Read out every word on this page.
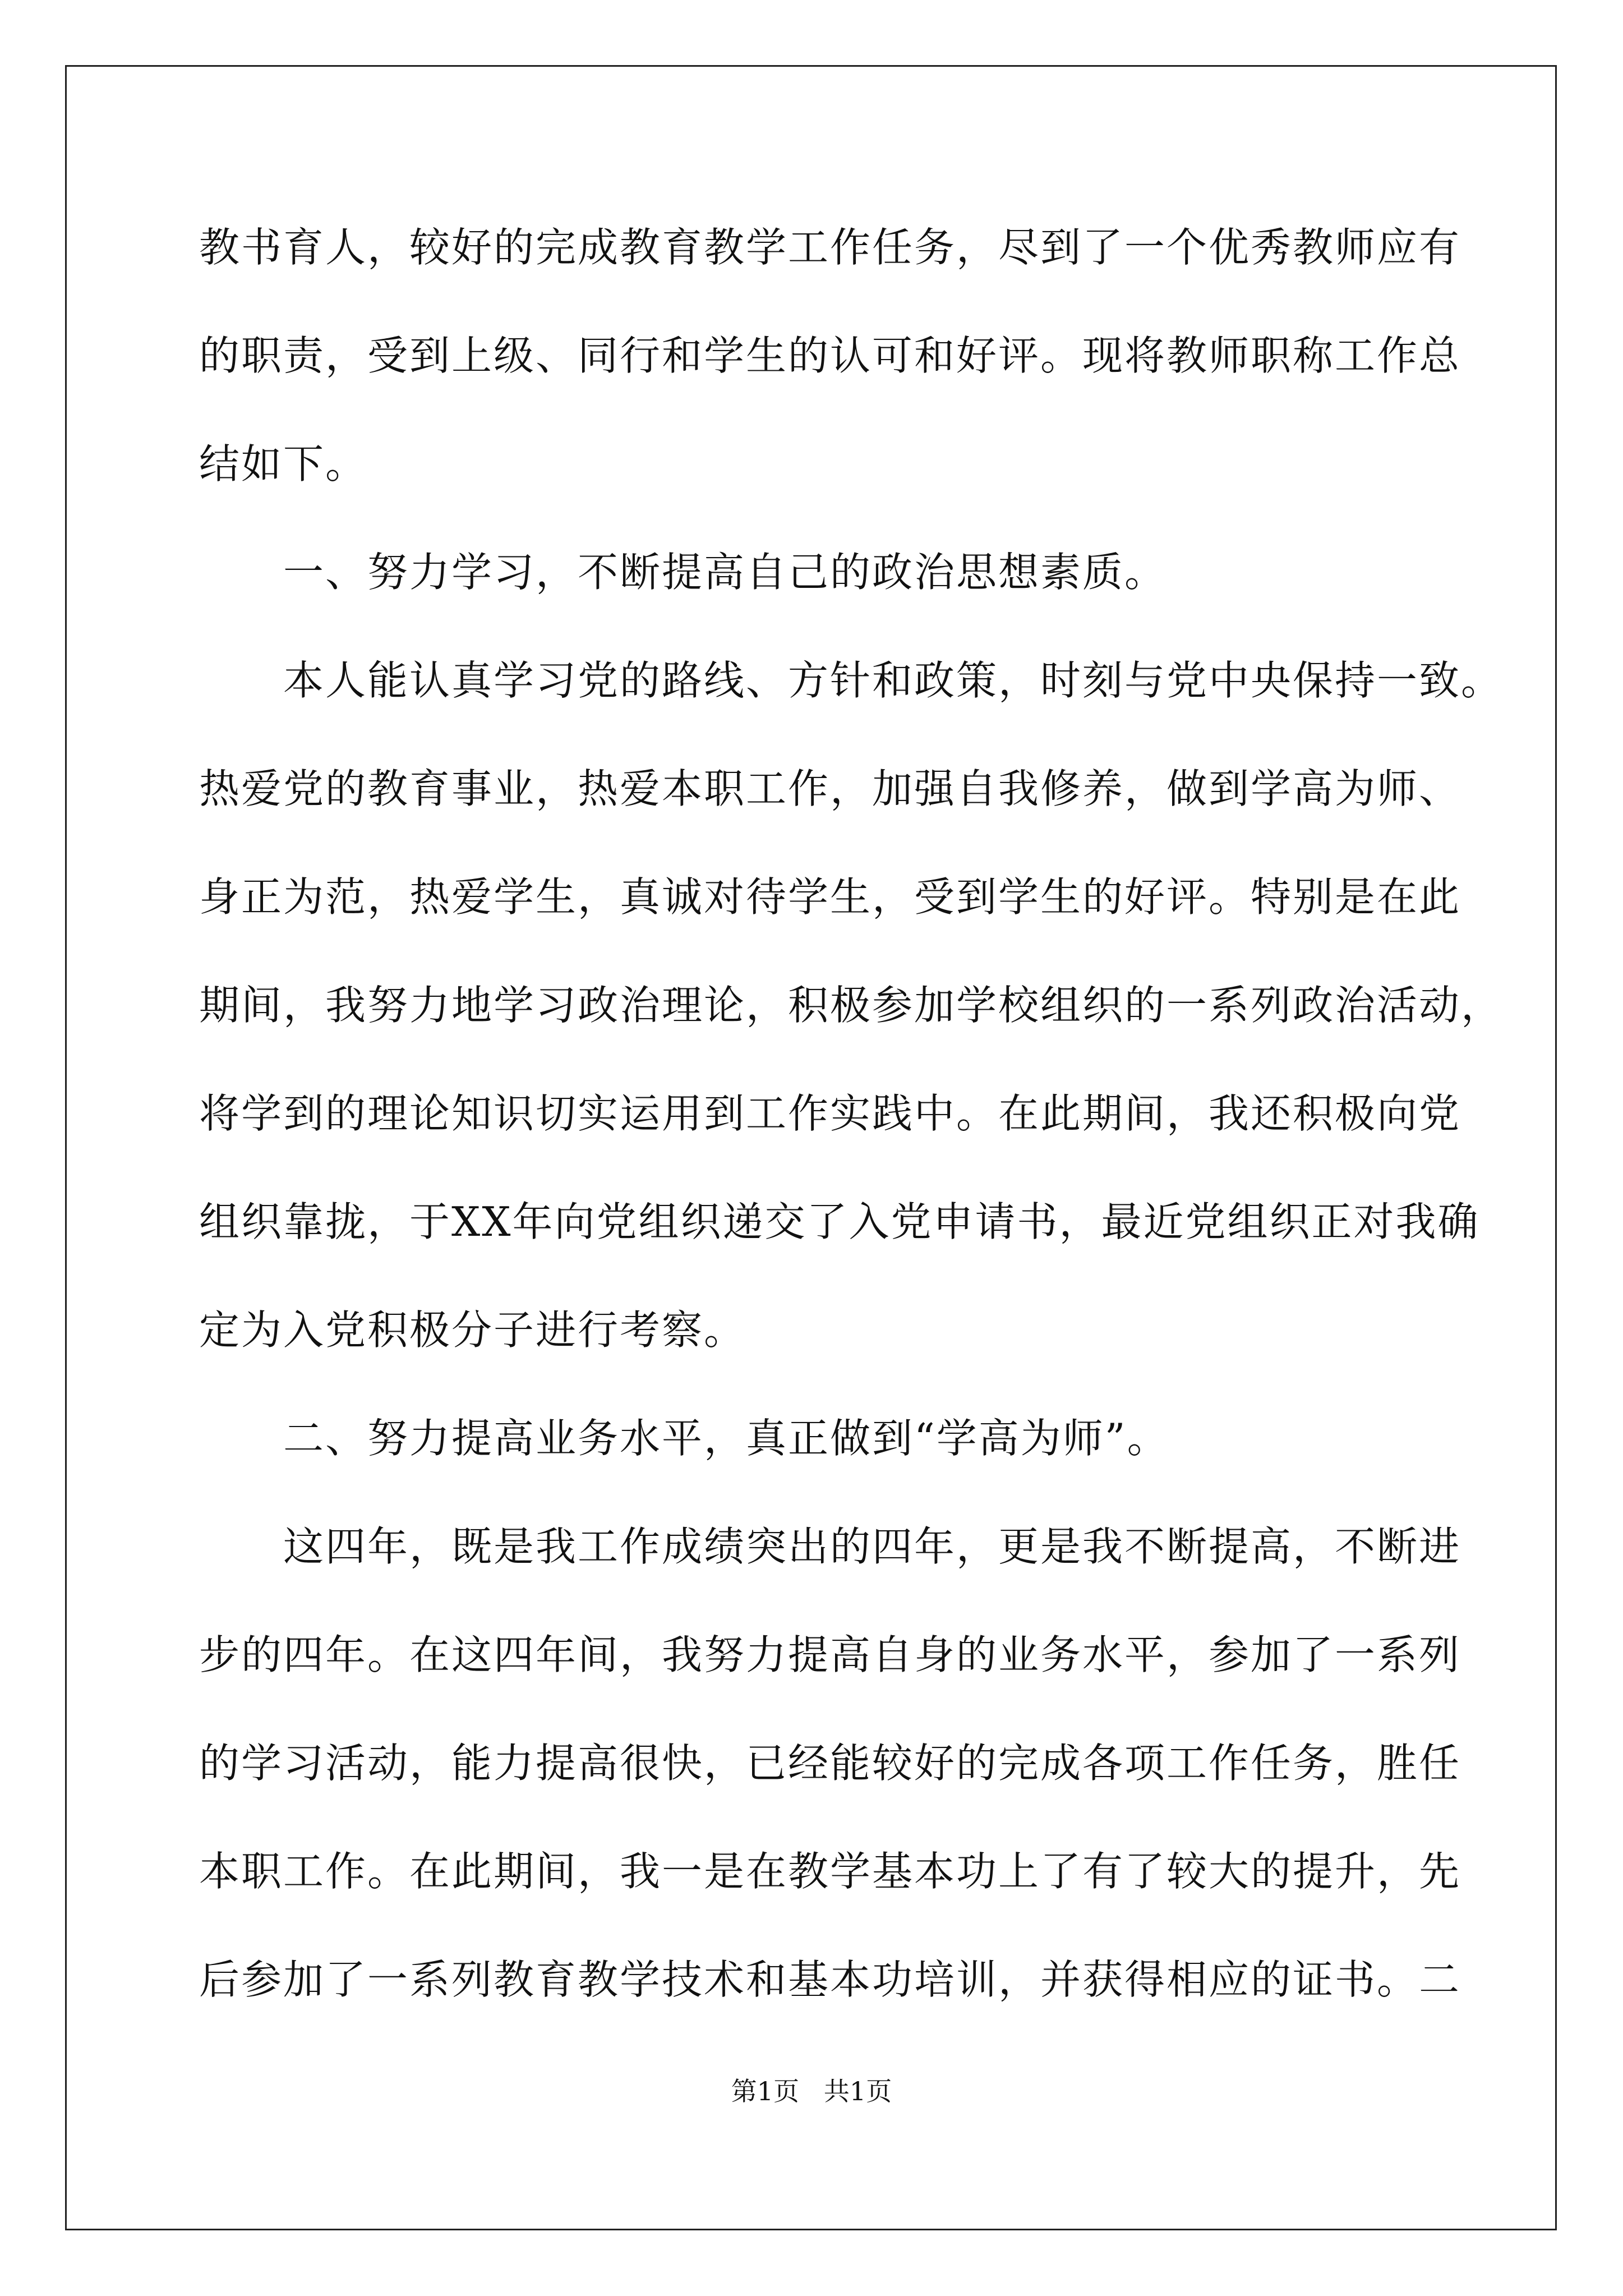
教书育人，较好的完成教育教学工作任务，尽到了一个优秀教师应有
的职责，受到上级、同行和学生的认可和好评。现将教师职称工作总
结如下。
　　一、努力学习，不断提高自己的政治思想素质。
　　本人能认真学习党的路线、方针和政策，时刻与党中央保持一致。
热爱党的教育事业，热爱本职工作，加强自我修养，做到学高为师、
身正为范，热爱学生，真诚对待学生，受到学生的好评。特别是在此
期间，我努力地学习政治理论，积极参加学校组织的一系列政治活动，
将学到的理论知识切实运用到工作实践中。在此期间，我还积极向党
组织靠拢，于XX年向党组织递交了入党申请书，最近党组织正对我确
定为入党积极分子进行考察。
　　二、努力提高业务水平，真正做到“学高为师”。
　　这四年，既是我工作成绩突出的四年，更是我不断提高，不断进
步的四年。在这四年间，我努力提高自身的业务水平，参加了一系列
的学习活动，能力提高很快，已经能较好的完成各项工作任务，胜任
本职工作。在此期间，我一是在教学基本功上了有了较大的提升，先
后参加了一系列教育教学技术和基本功培训，并获得相应的证书。二
第1页   共1页
